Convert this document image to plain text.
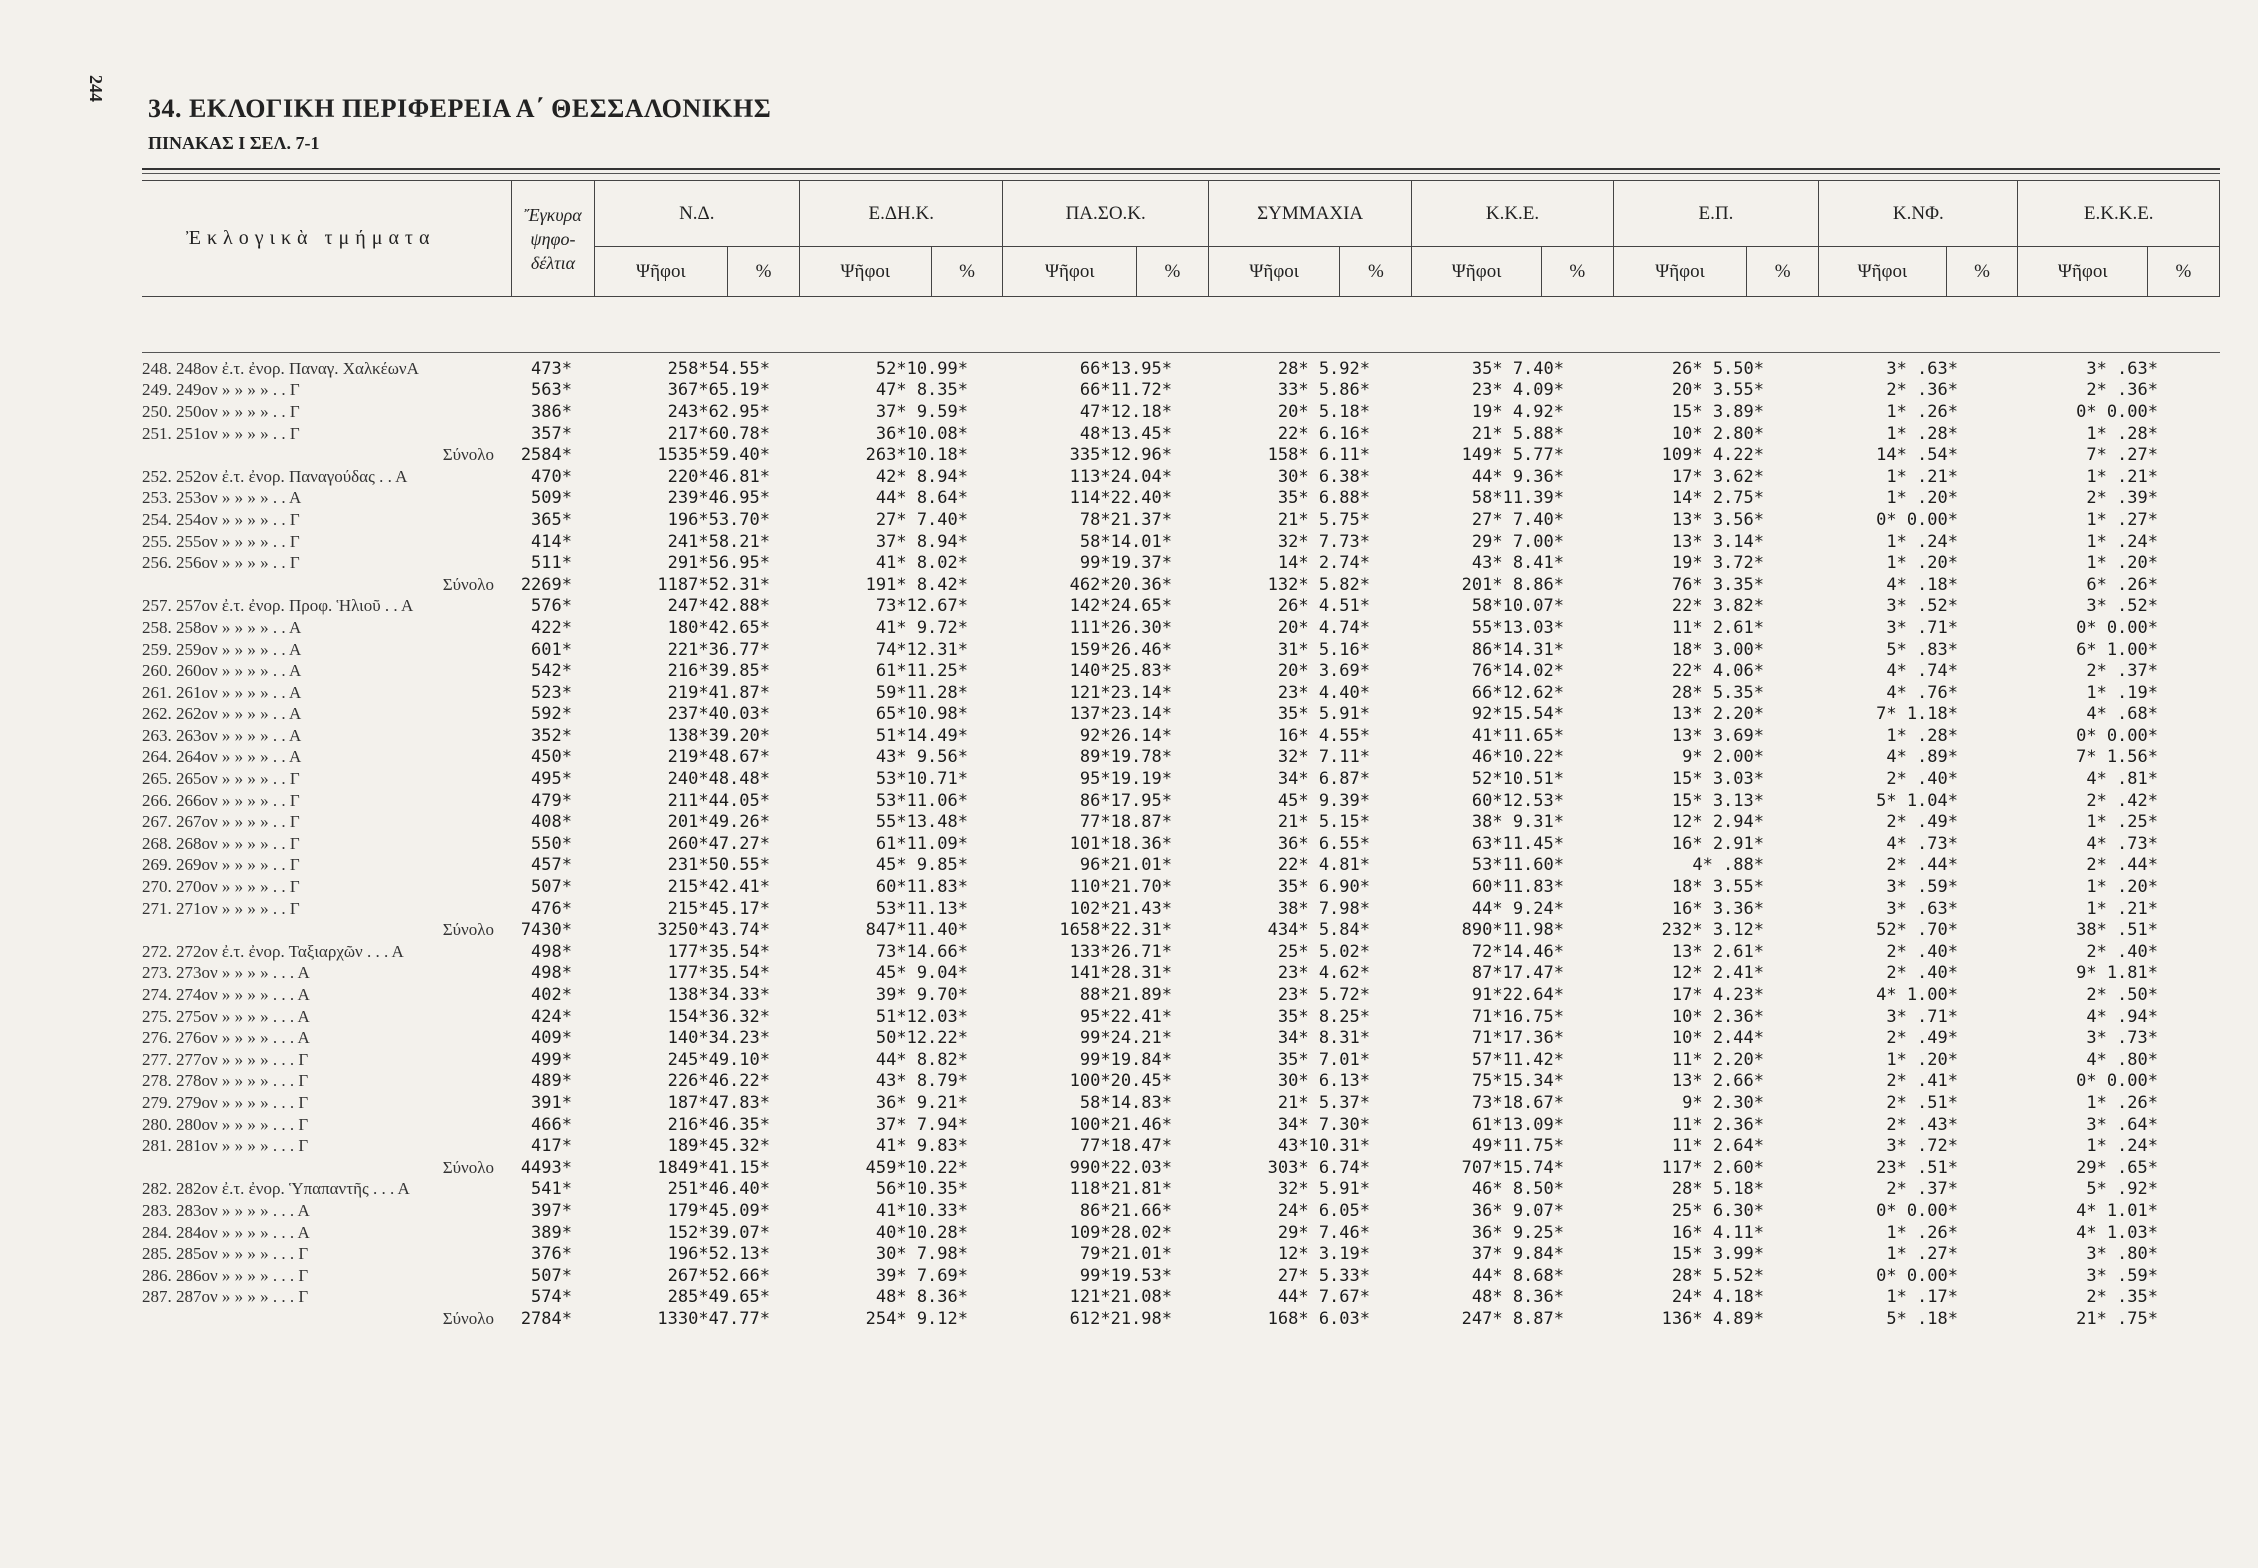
244
34. ΕΚΛΟΓΙΚΗ ΠΕΡΙΦΕΡΕΙΑ Α΄ ΘΕΣΣΑΛΟΝΙΚΗΣ
ΠΙΝΑΚΑΣ Ι ΣΕΛ. 7-1
Ἐκλογικὰ τμήματα	Ἔγκυρα ψηφο-δέλτια	Ν.Δ.		Ε.ΔΗ.Κ.		ΠΑ.ΣΟ.Κ.		ΣΥΜΜΑΧΙΑ		Κ.Κ.Ε.		Ε.Π.		Κ.ΝΦ.		Ε.Κ.Κ.Ε.	
		Ψῆφοι	%	Ψῆφοι	%	Ψῆφοι	%	Ψῆφοι	%	Ψῆφοι	%	Ψῆφοι	%	Ψῆφοι	%	Ψῆφοι	%
248. 248ον ἐ.τ. ἐνορ. Παναγ. ΧαλκέωνΑ	473*	258*54.55*	52*10.99*	66*13.95*	28* 5.92*	35* 7.40*	26* 5.50*	3* .63*	3* .63*
249. 249ον » » » » . . Γ	563*	367*65.19*	47* 8.35*	66*11.72*	33* 5.86*	23* 4.09*	20* 3.55*	2* .36*	2* .36*
250. 250ον » » » » . . Γ	386*	243*62.95*	37* 9.59*	47*12.18*	20* 5.18*	19* 4.92*	15* 3.89*	1* .26*	0* 0.00*
251. 251ον » » » » . . Γ	357*	217*60.78*	36*10.08*	48*13.45*	22* 6.16*	21* 5.88*	10* 2.80*	1* .28*	1* .28*
Σύνολο	2584*	1535*59.40*	263*10.18*	335*12.96*	158* 6.11*	149* 5.77*	109* 4.22*	14* .54*	7* .27*
252. 252ον ἐ.τ. ἐνορ. Παναγούδας . . Α	470*	220*46.81*	42* 8.94*	113*24.04*	30* 6.38*	44* 9.36*	17* 3.62*	1* .21*	1* .21*
253. 253ον » » » » . . Α	509*	239*46.95*	44* 8.64*	114*22.40*	35* 6.88*	58*11.39*	14* 2.75*	1* .20*	2* .39*
254. 254ον » » » » . . Γ	365*	196*53.70*	27* 7.40*	78*21.37*	21* 5.75*	27* 7.40*	13* 3.56*	0* 0.00*	1* .27*
255. 255ον » » » » . . Γ	414*	241*58.21*	37* 8.94*	58*14.01*	32* 7.73*	29* 7.00*	13* 3.14*	1* .24*	1* .24*
256. 256ον » » » » . . Γ	511*	291*56.95*	41* 8.02*	99*19.37*	14* 2.74*	43* 8.41*	19* 3.72*	1* .20*	1* .20*
Σύνολο	2269*	1187*52.31*	191* 8.42*	462*20.36*	132* 5.82*	201* 8.86*	76* 3.35*	4* .18*	6* .26*
257. 257ον ἐ.τ. ἐνορ. Προφ. Ἡλιοῦ . . Α	576*	247*42.88*	73*12.67*	142*24.65*	26* 4.51*	58*10.07*	22* 3.82*	3* .52*	3* .52*
258. 258ον » » » » . . Α	422*	180*42.65*	41* 9.72*	111*26.30*	20* 4.74*	55*13.03*	11* 2.61*	3* .71*	0* 0.00*
259. 259ον » » » » . . Α	601*	221*36.77*	74*12.31*	159*26.46*	31* 5.16*	86*14.31*	18* 3.00*	5* .83*	6* 1.00*
260. 260ον » » » » . . Α	542*	216*39.85*	61*11.25*	140*25.83*	20* 3.69*	76*14.02*	22* 4.06*	4* .74*	2* .37*
261. 261ον » » » » . . Α	523*	219*41.87*	59*11.28*	121*23.14*	23* 4.40*	66*12.62*	28* 5.35*	4* .76*	1* .19*
262. 262ον » » » » . . Α	592*	237*40.03*	65*10.98*	137*23.14*	35* 5.91*	92*15.54*	13* 2.20*	7* 1.18*	4* .68*
263. 263ον » » » » . . Α	352*	138*39.20*	51*14.49*	92*26.14*	16* 4.55*	41*11.65*	13* 3.69*	1* .28*	0* 0.00*
264. 264ον » » » » . . Α	450*	219*48.67*	43* 9.56*	89*19.78*	32* 7.11*	46*10.22*	9* 2.00*	4* .89*	7* 1.56*
265. 265ον » » » » . . Γ	495*	240*48.48*	53*10.71*	95*19.19*	34* 6.87*	52*10.51*	15* 3.03*	2* .40*	4* .81*
266. 266ον » » » » . . Γ	479*	211*44.05*	53*11.06*	86*17.95*	45* 9.39*	60*12.53*	15* 3.13*	5* 1.04*	2* .42*
267. 267ον » » » » . . Γ	408*	201*49.26*	55*13.48*	77*18.87*	21* 5.15*	38* 9.31*	12* 2.94*	2* .49*	1* .25*
268. 268ον » » » » . . Γ	550*	260*47.27*	61*11.09*	101*18.36*	36* 6.55*	63*11.45*	16* 2.91*	4* .73*	4* .73*
269. 269ον » » » » . . Γ	457*	231*50.55*	45* 9.85*	96*21.01*	22* 4.81*	53*11.60*	4* .88*	2* .44*	2* .44*
270. 270ον » » » » . . Γ	507*	215*42.41*	60*11.83*	110*21.70*	35* 6.90*	60*11.83*	18* 3.55*	3* .59*	1* .20*
271. 271ον » » » » . . Γ	476*	215*45.17*	53*11.13*	102*21.43*	38* 7.98*	44* 9.24*	16* 3.36*	3* .63*	1* .21*
Σύνολο	7430*	3250*43.74*	847*11.40*	1658*22.31*	434* 5.84*	890*11.98*	232* 3.12*	52* .70*	38* .51*
272. 272ον ἐ.τ. ἐνορ. Ταξιαρχῶν . . . Α	498*	177*35.54*	73*14.66*	133*26.71*	25* 5.02*	72*14.46*	13* 2.61*	2* .40*	2* .40*
273. 273ον » » » » . . . Α	498*	177*35.54*	45* 9.04*	141*28.31*	23* 4.62*	87*17.47*	12* 2.41*	2* .40*	9* 1.81*
274. 274ον » » » » . . . Α	402*	138*34.33*	39* 9.70*	88*21.89*	23* 5.72*	91*22.64*	17* 4.23*	4* 1.00*	2* .50*
275. 275ον » » » » . . . Α	424*	154*36.32*	51*12.03*	95*22.41*	35* 8.25*	71*16.75*	10* 2.36*	3* .71*	4* .94*
276. 276ον » » » » . . . Α	409*	140*34.23*	50*12.22*	99*24.21*	34* 8.31*	71*17.36*	10* 2.44*	2* .49*	3* .73*
277. 277ον » » » » . . . Γ	499*	245*49.10*	44* 8.82*	99*19.84*	35* 7.01*	57*11.42*	11* 2.20*	1* .20*	4* .80*
278. 278ον » » » » . . . Γ	489*	226*46.22*	43* 8.79*	100*20.45*	30* 6.13*	75*15.34*	13* 2.66*	2* .41*	0* 0.00*
279. 279ον » » » » . . . Γ	391*	187*47.83*	36* 9.21*	58*14.83*	21* 5.37*	73*18.67*	9* 2.30*	2* .51*	1* .26*
280. 280ον » » » » . . . Γ	466*	216*46.35*	37* 7.94*	100*21.46*	34* 7.30*	61*13.09*	11* 2.36*	2* .43*	3* .64*
281. 281ον » » » » . . . Γ	417*	189*45.32*	41* 9.83*	77*18.47*	43*10.31*	49*11.75*	11* 2.64*	3* .72*	1* .24*
Σύνολο	4493*	1849*41.15*	459*10.22*	990*22.03*	303* 6.74*	707*15.74*	117* 2.60*	23* .51*	29* .65*
282. 282ον ἐ.τ. ἐνορ. Ὑπαπαντῆς . . . Α	541*	251*46.40*	56*10.35*	118*21.81*	32* 5.91*	46* 8.50*	28* 5.18*	2* .37*	5* .92*
283. 283ον » » » » . . . Α	397*	179*45.09*	41*10.33*	86*21.66*	24* 6.05*	36* 9.07*	25* 6.30*	0* 0.00*	4* 1.01*
284. 284ον » » » » . . . Α	389*	152*39.07*	40*10.28*	109*28.02*	29* 7.46*	36* 9.25*	16* 4.11*	1* .26*	4* 1.03*
285. 285ον » » » » . . . Γ	376*	196*52.13*	30* 7.98*	79*21.01*	12* 3.19*	37* 9.84*	15* 3.99*	1* .27*	3* .80*
286. 286ον » » » » . . . Γ	507*	267*52.66*	39* 7.69*	99*19.53*	27* 5.33*	44* 8.68*	28* 5.52*	0* 0.00*	3* .59*
287. 287ον » » » » . . . Γ	574*	285*49.65*	48* 8.36*	121*21.08*	44* 7.67*	48* 8.36*	24* 4.18*	1* .17*	2* .35*
Σύνολο	2784*	1330*47.77*	254* 9.12*	612*21.98*	168* 6.03*	247* 8.87*	136* 4.89*	5* .18*	21* .75*
